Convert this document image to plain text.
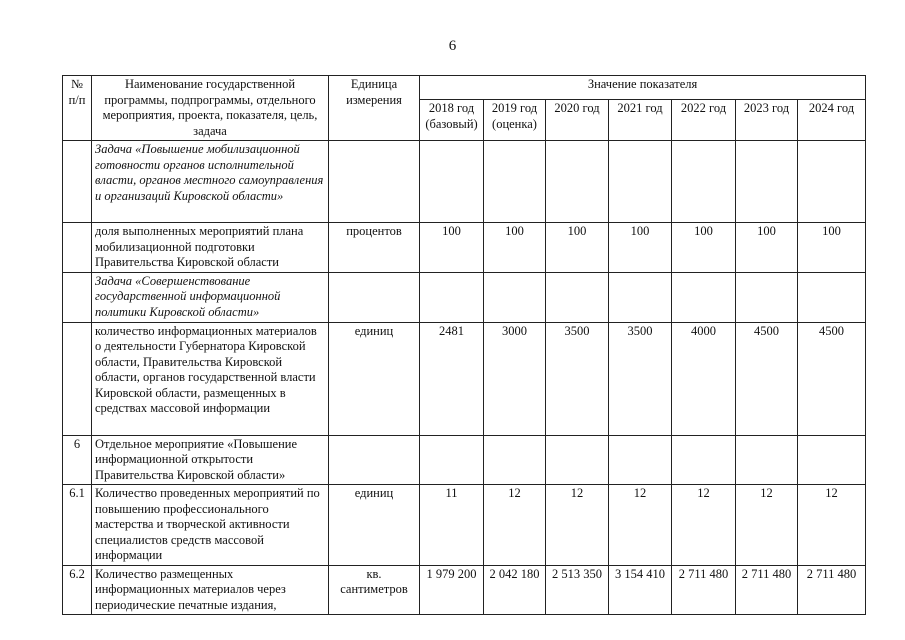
6
№ п/п	Наименование государственной программы, подпрограммы, отдельного мероприятия, проекта, показателя, цель, задача	Единица измерения	Значение показателя						
			2018 год (базовый)	2019 год (оценка)	2020 год	2021 год	2022 год	2023 год	2024 год
	Задача «Повышение мобилизационной готовности органов исполнительной власти, органов местного самоуправления и организаций Кировской области»								
	доля выполненных мероприятий плана мобилизационной подготовки Правительства Кировской области	процентов	100	100	100	100	100	100	100
	Задача «Совершенствование государственной информационной политики Кировской области»								
	количество информационных материалов о деятельности Губернатора Кировской области, Правительства Кировской области, органов государственной власти Кировской области, размещенных в средствах массовой информации	единиц	2481	3000	3500	3500	4000	4500	4500
6	Отдельное мероприятие «Повышение информационной открытости Правительства Кировской области»								
6.1	Количество проведенных мероприятий по повышению профессионального мастерства и творческой активности специалистов средств массовой информации	единиц	11	12	12	12	12	12	12
6.2	Количество размещенных информационных материалов через периодические печатные издания,	кв. сантиметров	1 979 200	2 042 180	2 513 350	3 154 410	2 711 480	2 711 480	2 711 480
